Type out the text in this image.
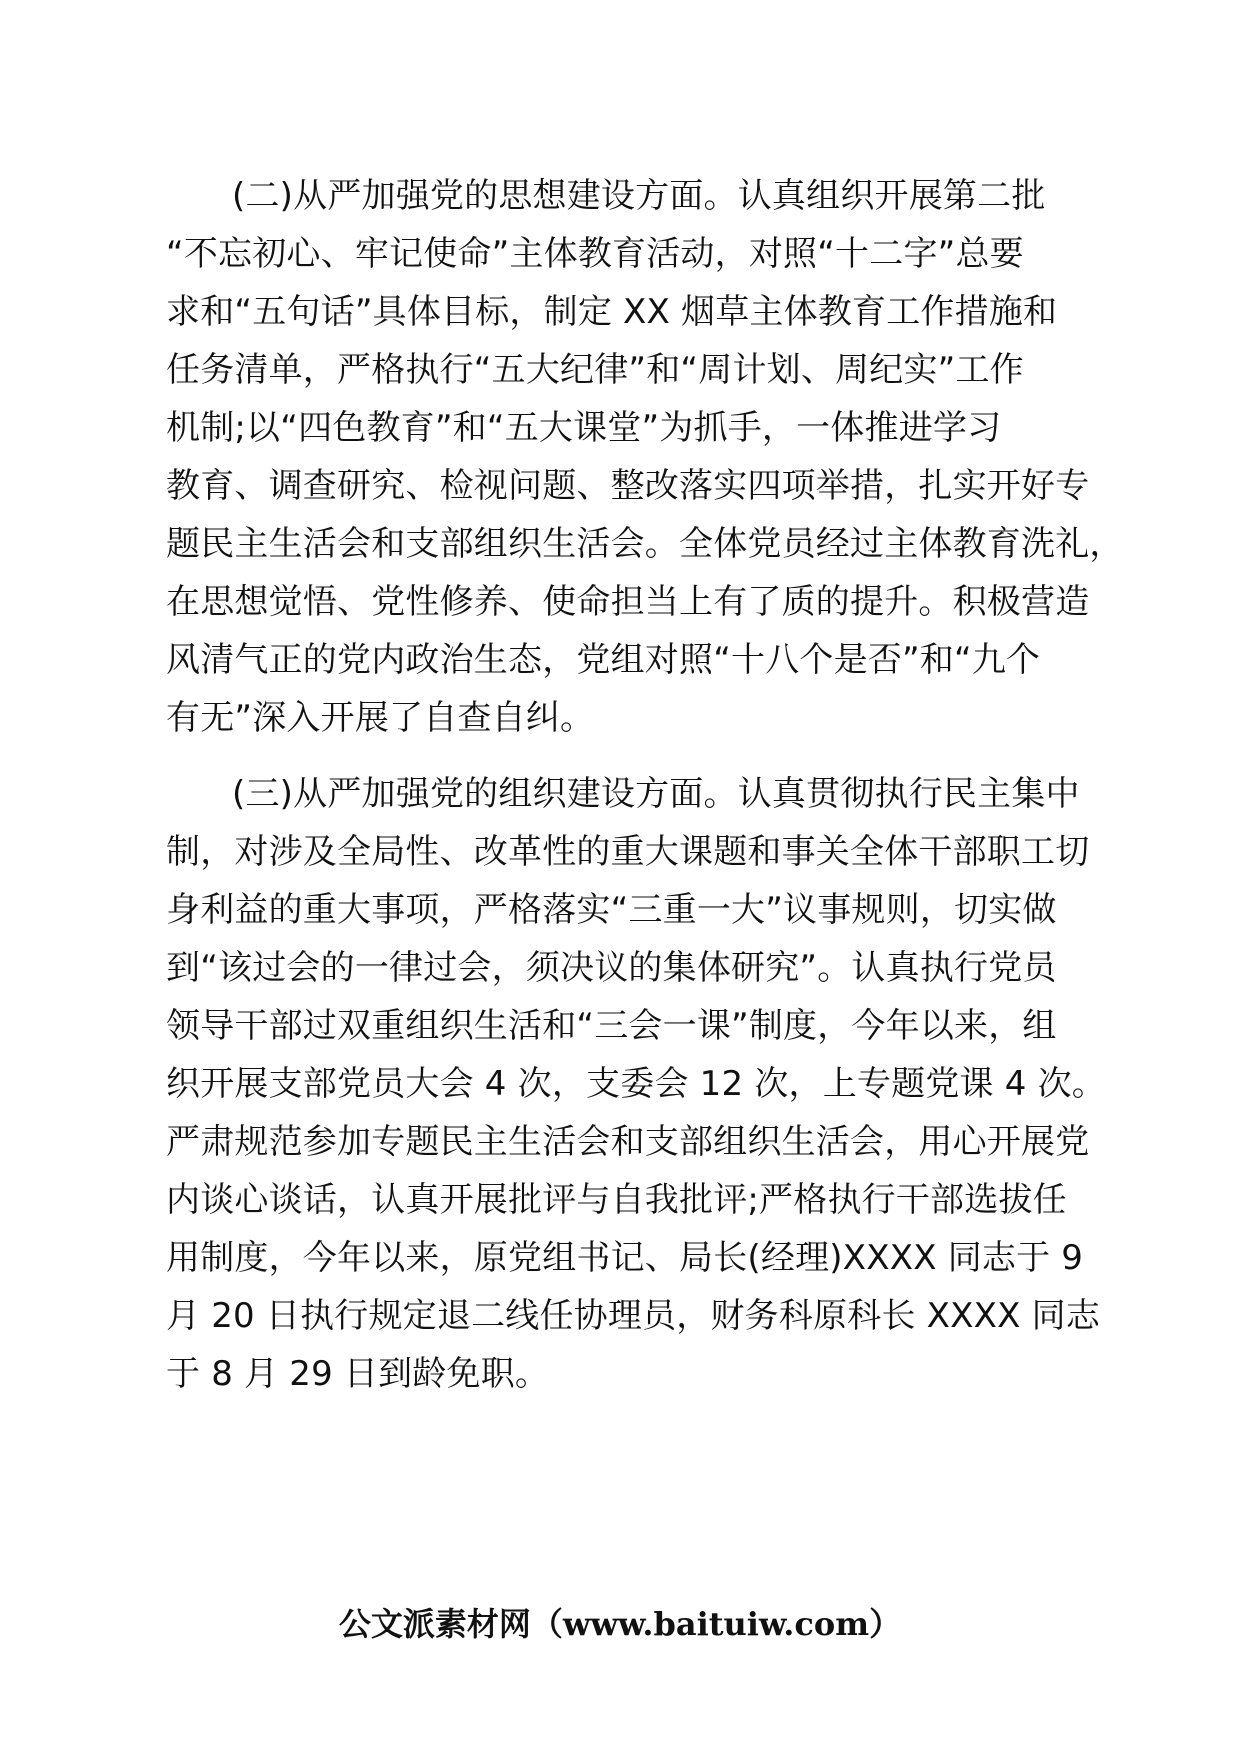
(二)从严加强党的思想建设方面。认真组织开展第二批

“不忘初心、牢记使命”主体教育活动，对照“十二字”总要

求和“五句话”具体目标，制定 XX 烟草主体教育工作措施和

任务清单，严格执行“五大纪律”和“周计划、周纪实”工作

机制;以“四色教育”和“五大课堂”为抓手，一体推进学习

教育、调查研究、检视问题、整改落实四项举措，扎实开好专

题民主生活会和支部组织生活会。全体党员经过主体教育洗礼，

在思想觉悟、党性修养、使命担当上有了质的提升。积极营造

风清气正的党内政治生态，党组对照“十八个是否”和“九个

有无”深入开展了自查自纠。

(三)从严加强党的组织建设方面。认真贯彻执行民主集中

制，对涉及全局性、改革性的重大课题和事关全体干部职工切

身利益的重大事项，严格落实“三重一大”议事规则，切实做

到“该过会的一律过会，须决议的集体研究”。认真执行党员

领导干部过双重组织生活和“三会一课”制度，今年以来，组

织开展支部党员大会 4 次，支委会 12 次，上专题党课 4 次。

严肃规范参加专题民主生活会和支部组织生活会，用心开展党

内谈心谈话，认真开展批评与自我批评;严格执行干部选拔任

用制度，今年以来，原党组书记、局长(经理)XXXX 同志于 9

月 20 日执行规定退二线任协理员，财务科原科长 XXXX 同志

于 8 月 29 日到龄免职。

公文派素材网（www.baituiw.com）
